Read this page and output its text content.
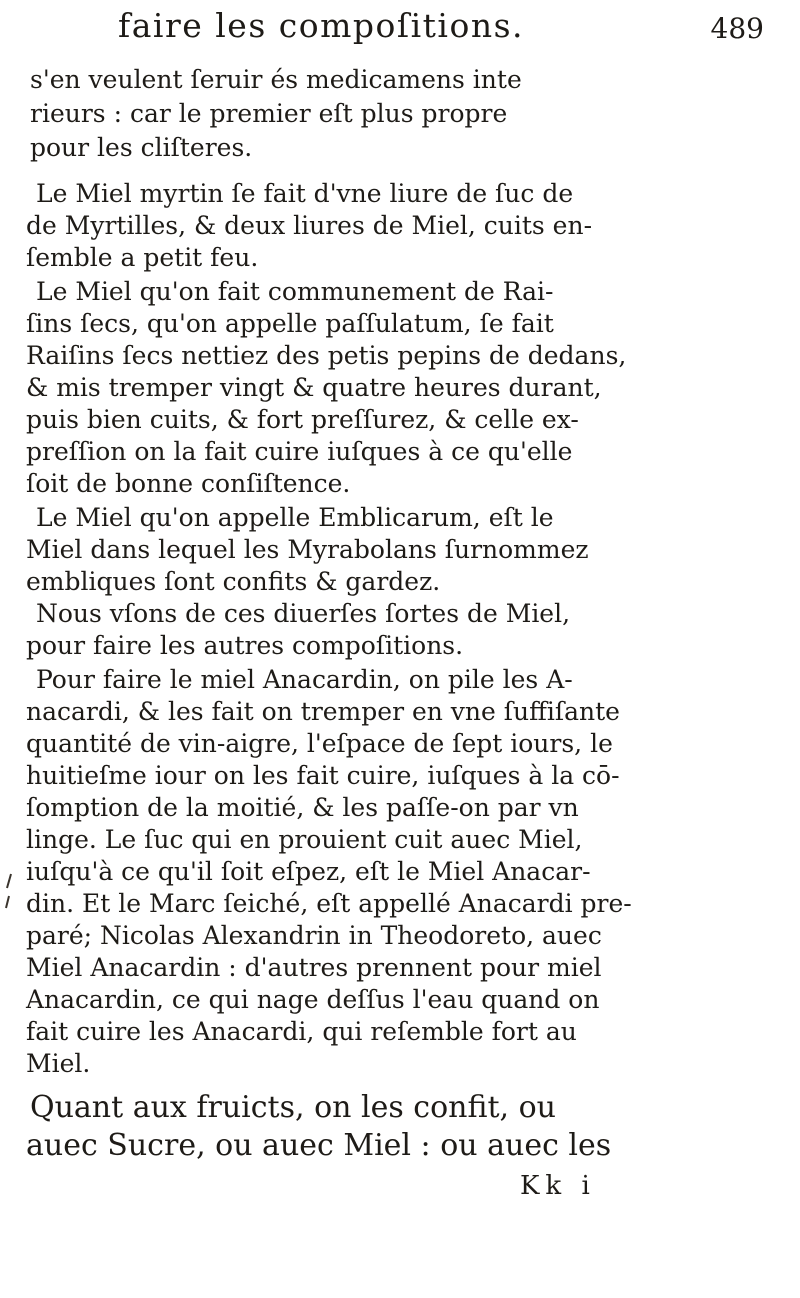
faire les compoſitions.	489
s'en veulent ſeruir és medicamens inte
rieurs : car le premier eſt plus propre
pour les cliſteres.
Le Miel myrtin ſe fait d'vne liure de ſuc de
de Myrtilles, & deux liures de Miel, cuits en-
ſemble a petit feu.
Le Miel qu'on fait communement de Rai-
ſins ſecs, qu'on appelle paſſulatum, ſe fait
Raiſins ſecs nettiez des petis pepins de dedans,
& mis tremper vingt & quatre heures durant,
puis bien cuits, & fort preſſurez, & celle ex-
preſſion on la fait cuire iuſques à ce qu'elle
ſoit de bonne conſiſtence.
Le Miel qu'on appelle Emblicarum, eſt le
Miel dans lequel les Myrabolans ſurnommez
embliques ſont confits & gardez.
Nous vſons de ces diuerſes ſortes de Miel,
pour faire les autres compoſitions.
Pour faire le miel Anacardin, on pile les A-
nacardi, & les fait on tremper en vne ſuffiſante
quantité de vin-aigre, l'eſpace de ſept iours, le
huitieſme iour on les fait cuire, iuſques à la cō-
ſomption de la moitié, & les paſſe-on par vn
linge. Le ſuc qui en prouient cuit auec Miel,
iuſqu'à ce qu'il ſoit eſpez, eſt le Miel Anacar-
din. Et le Marc ſeiché, eſt appellé Anacardi pre-
paré; Nicolas Alexandrin in Theodoreto, auec
Miel Anacardin : d'autres prennent pour miel
Anacardin, ce qui nage deſſus l'eau quand on
fait cuire les Anacardi, qui reſemble fort au
Miel.
Quant aux fruicts, on les confit, ou
auec Sucre, ou auec Miel : ou auec les
Kk i
